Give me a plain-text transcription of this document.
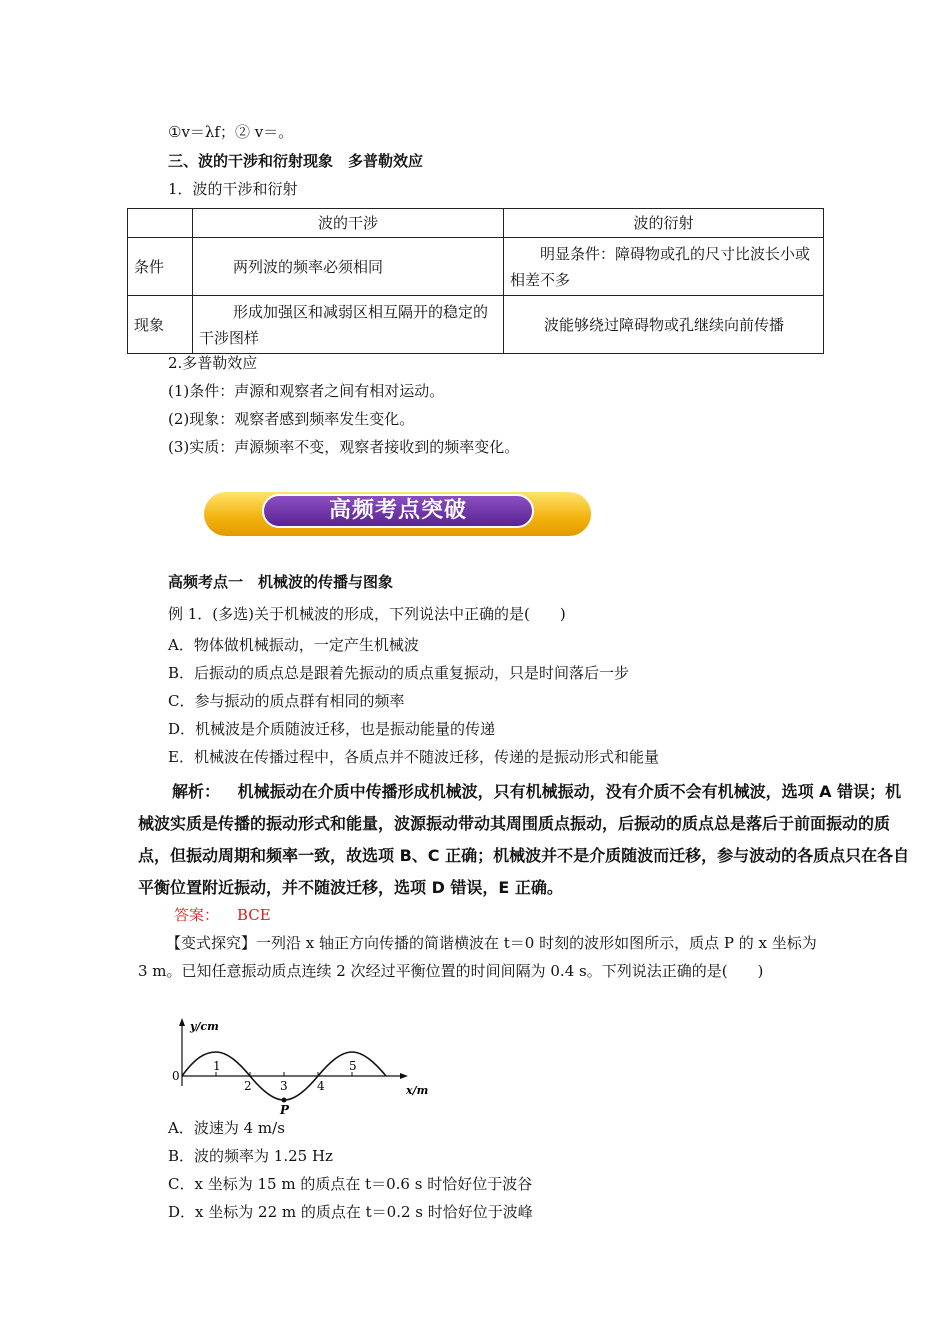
①v＝λf；② v＝。
三、波的干涉和衍射现象　多普勒效应
1．波的干涉和衍射
	波的干涉	波的衍射
条件	两列波的频率必须相同	明显条件：障碍物或孔的尺寸比波长小或相差不多
现象	形成加强区和减弱区相互隔开的稳定的干涉图样	波能够绕过障碍物或孔继续向前传播
2.多普勒效应
(1)条件：声源和观察者之间有相对运动。
(2)现象：观察者感到频率发生变化。
(3)实质：声源频率不变，观察者接收到的频率变化。
高频考点突破
高频考点一　机械波的传播与图象
例 1．(多选)关于机械波的形成，下列说法中正确的是(　　)
A．物体做机械振动，一定产生机械波
B．后振动的质点总是跟着先振动的质点重复振动，只是时间落后一步
C．参与振动的质点群有相同的频率
D．机械波是介质随波迁移，也是振动能量的传递
E．机械波在传播过程中，各质点并不随波迁移，传递的是振动形式和能量
解析： 机械振动在介质中传播形成机械波，只有机械振动，没有介质不会有机械波，选项 A 错误；机械波实质是传播的振动形式和能量，波源振动带动其周围质点振动，后振动的质点总是落后于前面振动的质点，但振动周期和频率一致，故选项 B、C 正确；机械波并不是介质随波而迁移，参与波动的各质点只在各自平衡位置附近振动，并不随波迁移，选项 D 错误，E 正确。
答案： BCE
【变式探究】一列沿 x 轴正方向传播的简谐横波在 t＝0 时刻的波形如图所示，质点 P 的 x 坐标为 3 m。已知任意振动质点连续 2 次经过平衡位置的时间间隔为 0.4 s。下列说法正确的是(　　)
y/cm
x/m
0
1
2 3 4
5
P
A．波速为 4 m/s
B．波的频率为 1.25 Hz
C．x 坐标为 15 m 的质点在 t＝0.6 s 时恰好位于波谷
D．x 坐标为 22 m 的质点在 t＝0.2 s 时恰好位于波峰
